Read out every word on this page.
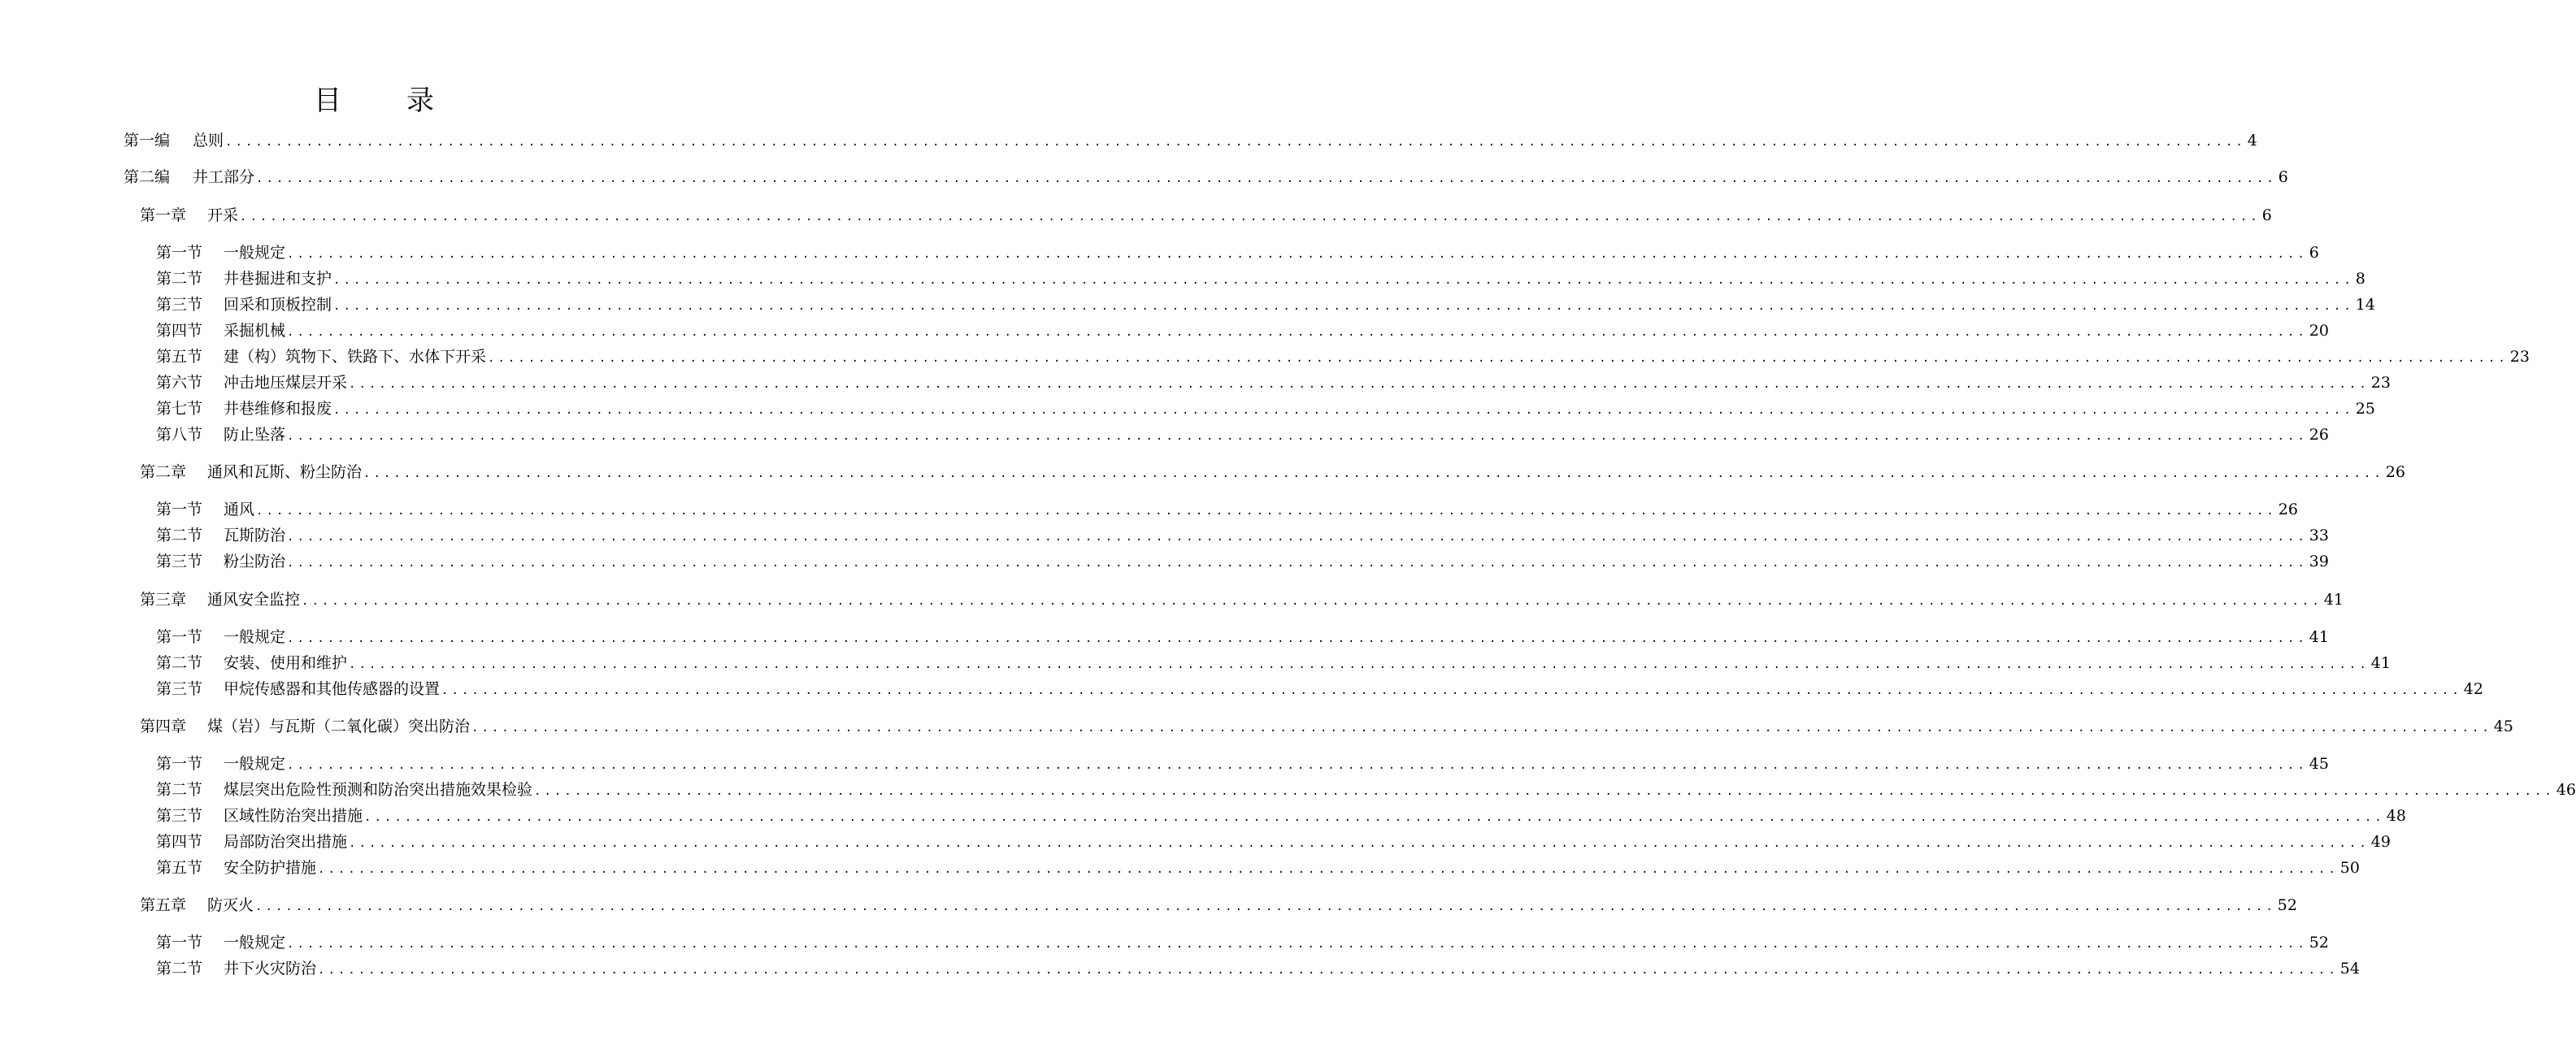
目 录
第一编	总则 ........................................................................................................................................................................................................ 4
第二编	井工部分 ........................................................................................................................................................................................................ 6
第一章	开采 ........................................................................................................................................................................................................ 6
第一节	一般规定 ........................................................................................................................................................................................................ 6
第二节	井巷掘进和支护 ........................................................................................................................................................................................................ 8
第三节	回采和顶板控制 ........................................................................................................................................................................................................ 14
第四节	采掘机械 ........................................................................................................................................................................................................ 20
第五节	建（构）筑物下、铁路下、水体下开采 ........................................................................................................................................................................................................ 23
第六节	冲击地压煤层开采 ........................................................................................................................................................................................................ 23
第七节	井巷维修和报废 ........................................................................................................................................................................................................ 25
第八节	防止坠落 ........................................................................................................................................................................................................ 26
第二章	通风和瓦斯、粉尘防治 ........................................................................................................................................................................................................ 26
第一节	通风 ........................................................................................................................................................................................................ 26
第二节	瓦斯防治 ........................................................................................................................................................................................................ 33
第三节	粉尘防治 ........................................................................................................................................................................................................ 39
第三章	通风安全监控 ........................................................................................................................................................................................................ 41
第一节	一般规定 ........................................................................................................................................................................................................ 41
第二节	安装、使用和维护 ........................................................................................................................................................................................................ 41
第三节	甲烷传感器和其他传感器的设置 ........................................................................................................................................................................................................ 42
第四章	煤（岩）与瓦斯（二氧化碳）突出防治 ........................................................................................................................................................................................................ 45
第一节	一般规定 ........................................................................................................................................................................................................ 45
第二节	煤层突出危险性预测和防治突出措施效果检验 ........................................................................................................................................................................................................ 46
第三节	区域性防治突出措施 ........................................................................................................................................................................................................ 48
第四节	局部防治突出措施 ........................................................................................................................................................................................................ 49
第五节	安全防护措施 ........................................................................................................................................................................................................ 50
第五章	防灭火 ........................................................................................................................................................................................................ 52
第一节	一般规定 ........................................................................................................................................................................................................ 52
第二节	井下火灾防治 ........................................................................................................................................................................................................ 54
